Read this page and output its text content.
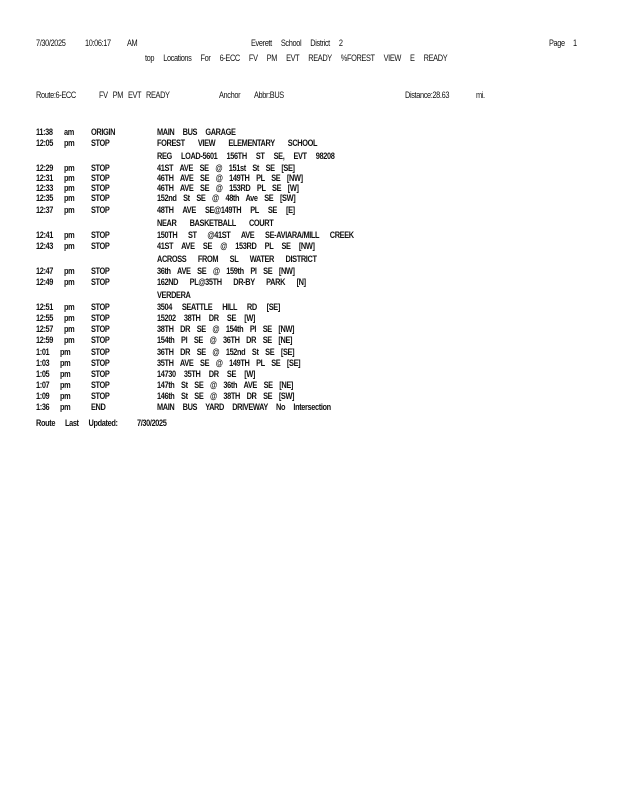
7/30/2025 10:06:17 AM	Everett School District 2	Page 1
top Locations For 6-ECC FV PM EVT READY %FOREST VIEW E READY
Route:6-ECC	FV PM EVT READY	Anchor Abbr:BUS	Distance:28.63	mi.
11:38 am ORIGIN	MAIN BUS GARAGE
12:05 pm STOP	FOREST VIEW ELEMENTARY SCHOOL
REG LOAD-5601 156TH ST SE, EVT 98208
12:29 pm STOP	41ST AVE SE @ 151st St SE [SE]
12:31 pm STOP	46TH AVE SE @ 149TH PL SE [NW]
12:33 pm STOP	46TH AVE SE @ 153RD PL SE [W]
12:35 pm STOP	152nd St SE @ 48th Ave SE [SW]
12:37 pm STOP	48TH AVE SE@149TH PL SE [E]
NEAR BASKETBALL COURT
12:41 pm STOP	150TH ST @41ST AVE SE-AVIARA/MILL CREEK
12:43 pm STOP	41ST AVE SE @ 153RD PL SE [NW]
ACROSS FROM SL WATER DISTRICT
12:47 pm STOP	36th AVE SE @ 159th Pl SE [NW]
12:49 pm STOP	162ND PL@35TH DR-BY PARK [N]
VERDERA
12:51 pm STOP	3504 SEATTLE HILL RD [SE]
12:55 pm STOP	15202 38TH DR SE [W]
12:57 pm STOP	38TH DR SE @ 154th Pl SE [NW]
12:59 pm STOP	154th Pl SE @ 36TH DR SE [NE]
1:01 pm STOP	36TH DR SE @ 152nd St SE [SE]
1:03 pm STOP	35TH AVE SE @ 149TH PL SE [SE]
1:05 pm STOP	14730 35TH DR SE [W]
1:07 pm STOP	147th St SE @ 36th AVE SE [NE]
1:09 pm STOP	146th St SE @ 38TH DR SE [SW]
1:36 pm END	MAIN BUS YARD DRIVEWAY No Intersection
Route Last Updated: 7/30/2025
